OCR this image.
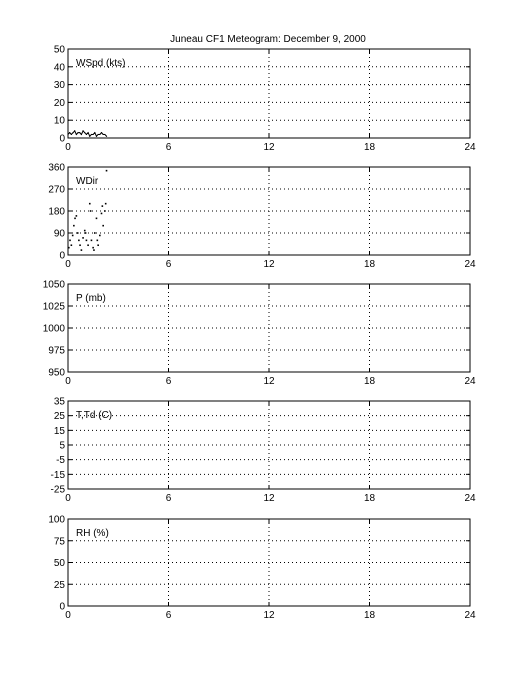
Juneau CF1 Meteogram: December 9, 2000
0
10
20
30
40
50
0	6	12	18	24
WSpd (kts)
0
90
180
270
360
0	6	12	18	24
WDir
950
975
1000
1025
1050
0	6	12	18	24
P (mb)
-25
-15
-5
5
15
25
35
0	6	12	18	24
T,Td (C)
0
25
50
75
100
0	6	12	18	24
RH (%)
